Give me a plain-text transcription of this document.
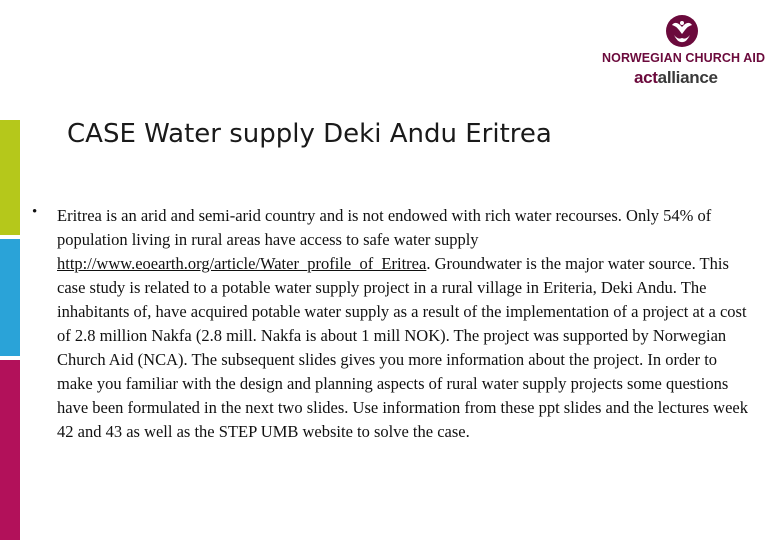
NORWEGIAN CHURCH AID
actalliance
CASE Water supply Deki Andu Eritrea
• Eritrea is an arid and semi-arid country and is not endowed with rich water recourses. Only 54% of population living in rural areas have access to safe water supply http://www.eoearth.org/article/Water_profile_of_Eritrea. Groundwater is the major water source. This case study is related to a potable water supply project in a rural village in Eriteria, Deki Andu. The inhabitants of, have acquired potable water supply as a result of the implementation of a project at a cost of 2.8 million Nakfa (2.8 mill. Nakfa is about 1 mill NOK). The project was supported by Norwegian Church Aid (NCA). The subsequent slides gives you more information about the project. In order to make you familiar with the design and planning aspects of rural water supply projects some questions have been formulated in the next two slides. Use information from these ppt slides and the lectures week 42 and 43 as well as the STEP UMB website to solve the case.
